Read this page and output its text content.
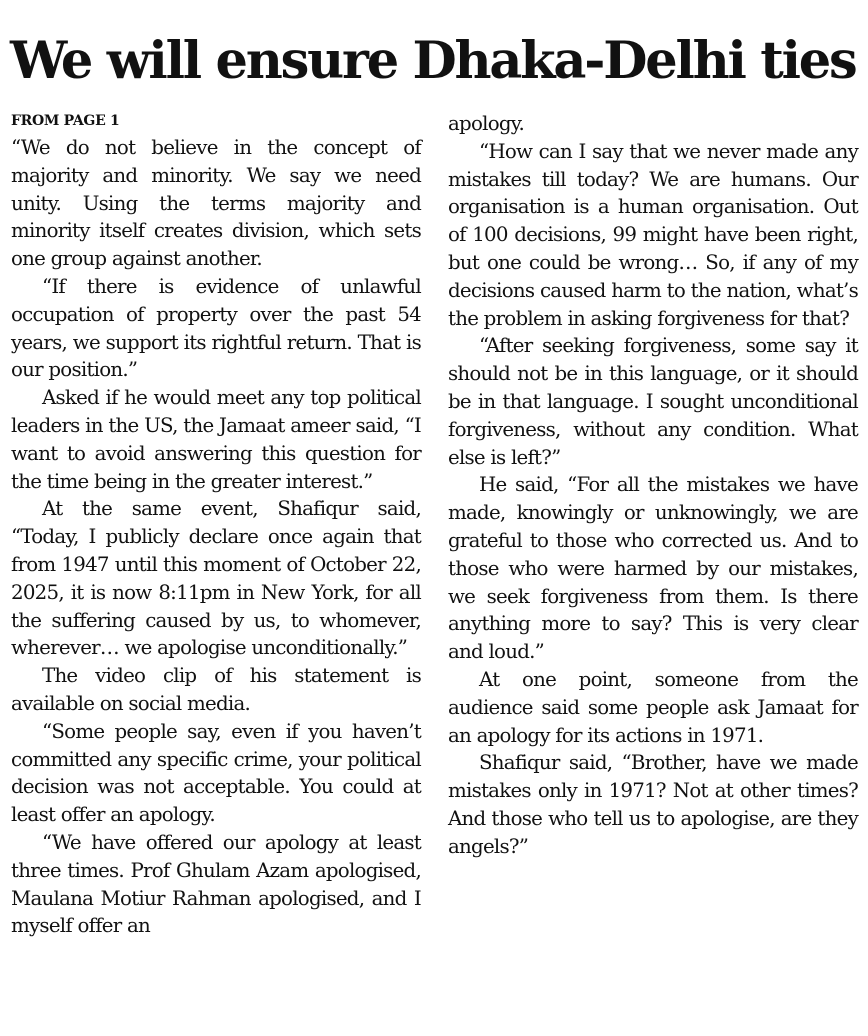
We will ensure Dhaka-Delhi ties
FROM PAGE 1

“We do not believe in the concept of majority and minority. We say we need unity. Using the terms majority and minority itself creates division, which sets one group against another.

“If there is evidence of unlawful occupation of property over the past 54 years, we support its rightful return. That is our position.”

Asked if he would meet any top political leaders in the US, the Jamaat ameer said, “I want to avoid answering this question for the time being in the greater interest.”

At the same event, Shafiqur said, “Today, I publicly declare once again that from 1947 until this moment of October 22, 2025, it is now 8:11pm in New York, for all the suffering caused by us, to whomever, wherever… we apologise unconditionally.”

The video clip of his statement is available on social media.

“Some people say, even if you haven’t committed any specific crime, your political decision was not acceptable. You could at least offer an apology.

“We have offered our apology at least three times. Prof Ghulam Azam apologised, Maulana Motiur Rahman apologised, and I myself offer an

apology.

“How can I say that we never made any mistakes till today? We are humans. Our organisation is a human organisation. Out of 100 decisions, 99 might have been right, but one could be wrong… So, if any of my decisions caused harm to the nation, what’s the problem in asking forgiveness for that?

“After seeking forgiveness, some say it should not be in this language, or it should be in that language. I sought unconditional forgiveness, without any condition. What else is left?”

He said, “For all the mistakes we have made, knowingly or unknowingly, we are grateful to those who corrected us. And to those who were harmed by our mistakes, we seek forgiveness from them. Is there anything more to say? This is very clear and loud.”

At one point, someone from the audience said some people ask Jamaat for an apology for its actions in 1971.

Shafiqur said, “Brother, have we made mistakes only in 1971? Not at other times? And those who tell us to apologise, are they angels?”
